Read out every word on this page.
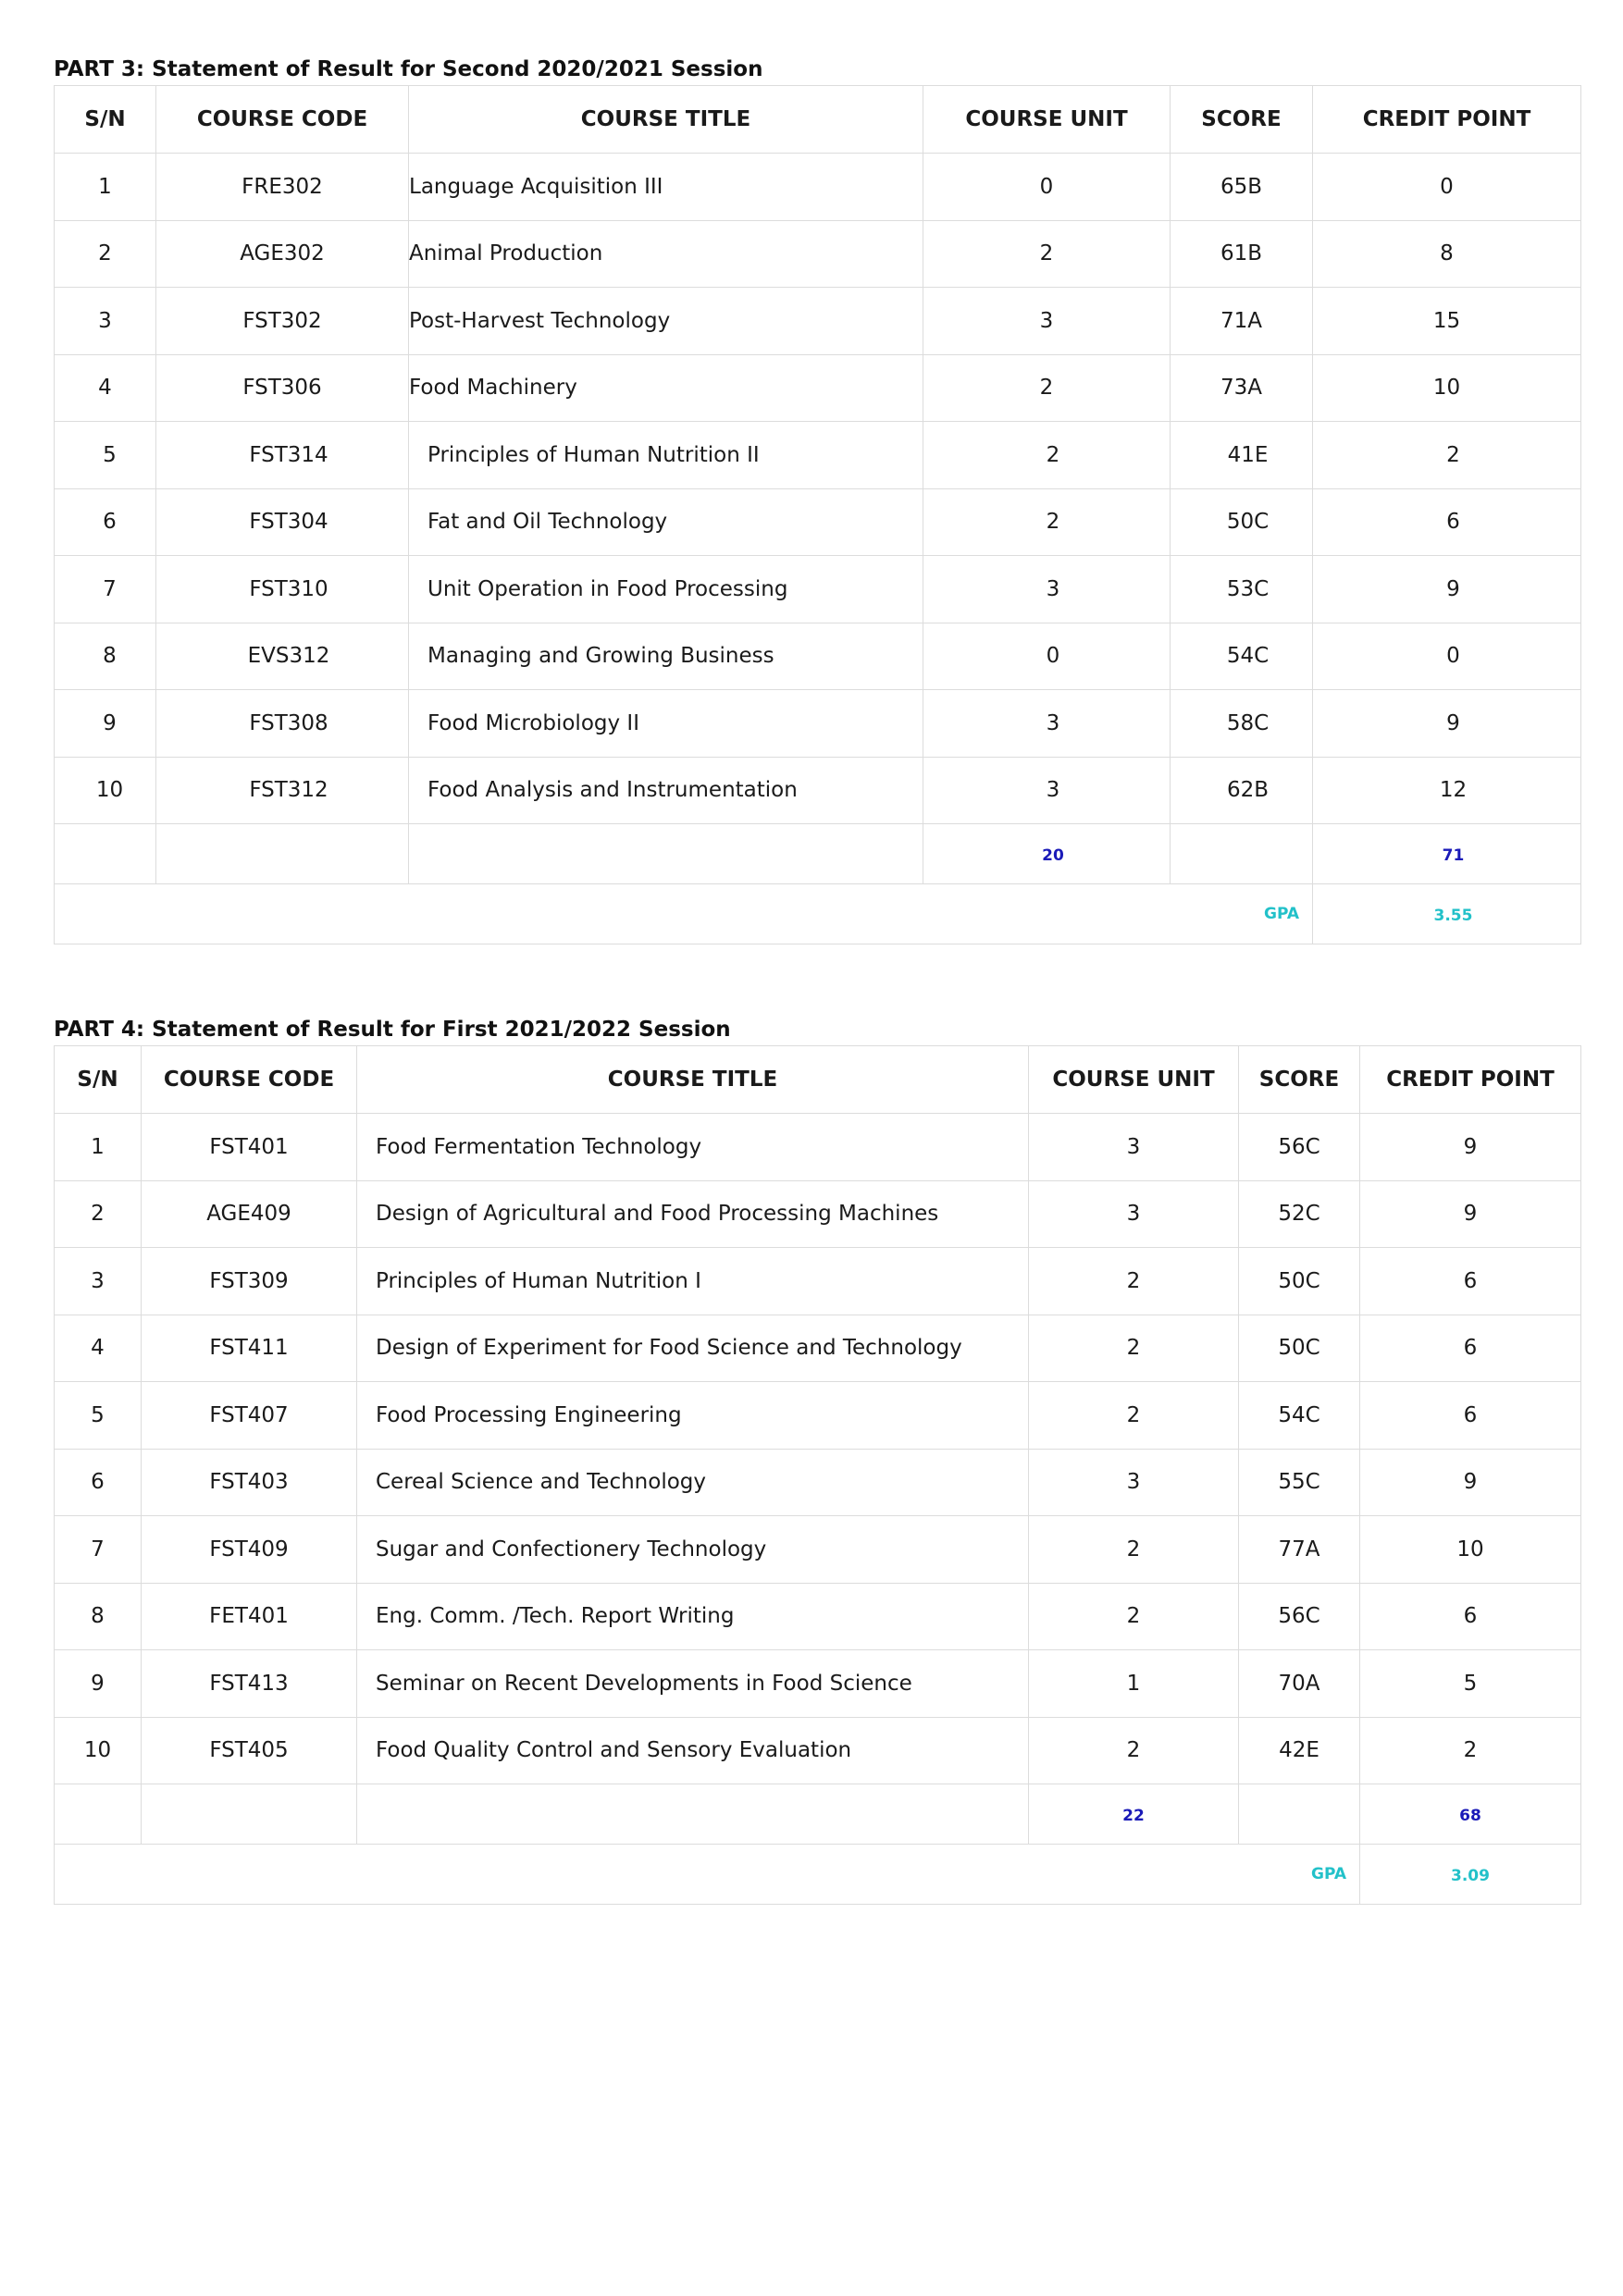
PART 3: Statement of Result for Second 2020/2021 Session
S/N	COURSE CODE	COURSE TITLE	COURSE UNIT	SCORE	CREDIT POINT
1	FRE302	Language Acquisition III	0	65B	0
2	AGE302	Animal Production	2	61B	8
3	FST302	Post-Harvest Technology	3	71A	15
4	FST306	Food Machinery	2	73A	10
5	FST314	Principles of Human Nutrition II	2	41E	2
6	FST304	Fat and Oil Technology	2	50C	6
7	FST310	Unit Operation in Food Processing	3	53C	9
8	EVS312	Managing and Growing Business	0	54C	0
9	FST308	Food Microbiology II	3	58C	9
10	FST312	Food Analysis and Instrumentation	3	62B	12
			20		71
GPA					3.55
PART 4: Statement of Result for First 2021/2022 Session
S/N	COURSE CODE	COURSE TITLE	COURSE UNIT	SCORE	CREDIT POINT
1	FST401	Food Fermentation Technology	3	56C	9
2	AGE409	Design of Agricultural and Food Processing Machines	3	52C	9
3	FST309	Principles of Human Nutrition I	2	50C	6
4	FST411	Design of Experiment for Food Science and Technology	2	50C	6
5	FST407	Food Processing Engineering	2	54C	6
6	FST403	Cereal Science and Technology	3	55C	9
7	FST409	Sugar and Confectionery Technology	2	77A	10
8	FET401	Eng. Comm. /Tech. Report Writing	2	56C	6
9	FST413	Seminar on Recent Developments in Food Science	1	70A	5
10	FST405	Food Quality Control and Sensory Evaluation	2	42E	2
			22		68
GPA					3.09
